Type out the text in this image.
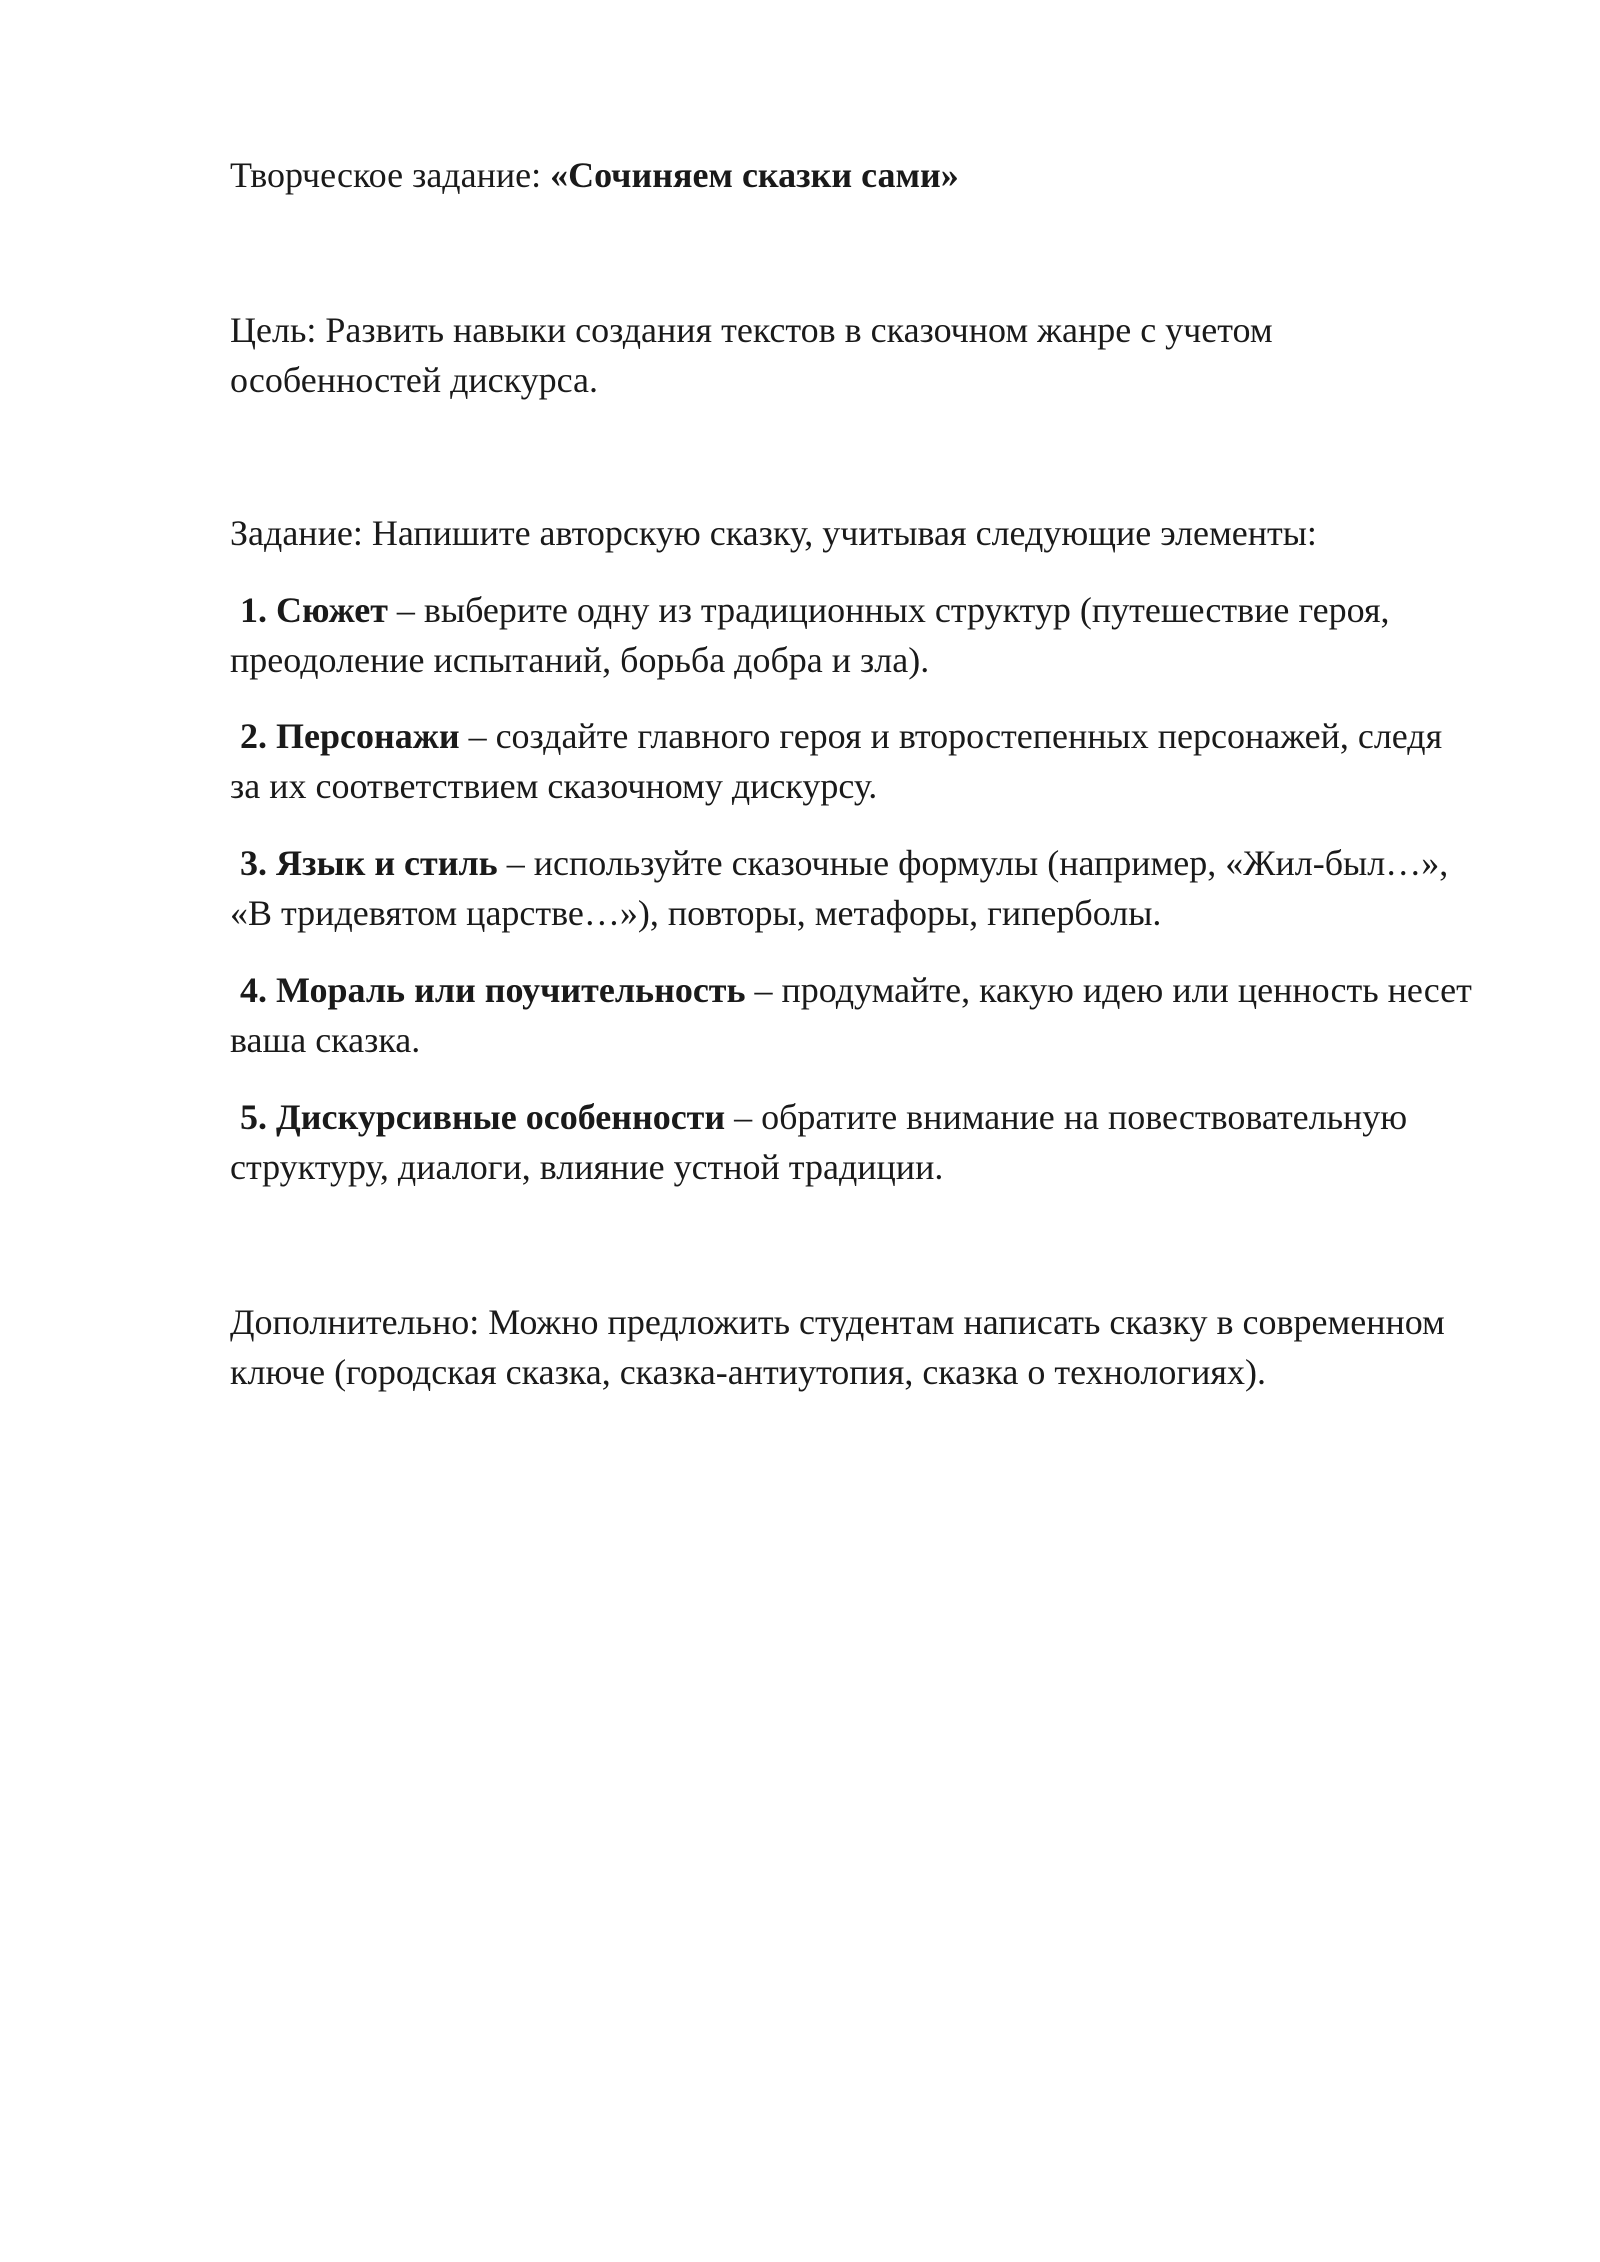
Творческое задание: «Сочиняем сказки сами»

Цель: Развить навыки создания текстов в сказочном жанре с учетом особенностей дискурса.

Задание: Напишите авторскую сказку, учитывая следующие элементы:

1. Сюжет – выберите одну из традиционных структур (путешествие героя, преодоление испытаний, борьба добра и зла).

2. Персонажи – создайте главного героя и второстепенных персонажей, следя за их соответствием сказочному дискурсу.

3. Язык и стиль – используйте сказочные формулы (например, «Жил-был…», «В тридевятом царстве…»), повторы, метафоры, гиперболы.

4. Мораль или поучительность – продумайте, какую идею или ценность несет ваша сказка.

5. Дискурсивные особенности – обратите внимание на повествовательную структуру, диалоги, влияние устной традиции.

Дополнительно: Можно предложить студентам написать сказку в современном ключе (городская сказка, сказка-антиутопия, сказка о технологиях).
